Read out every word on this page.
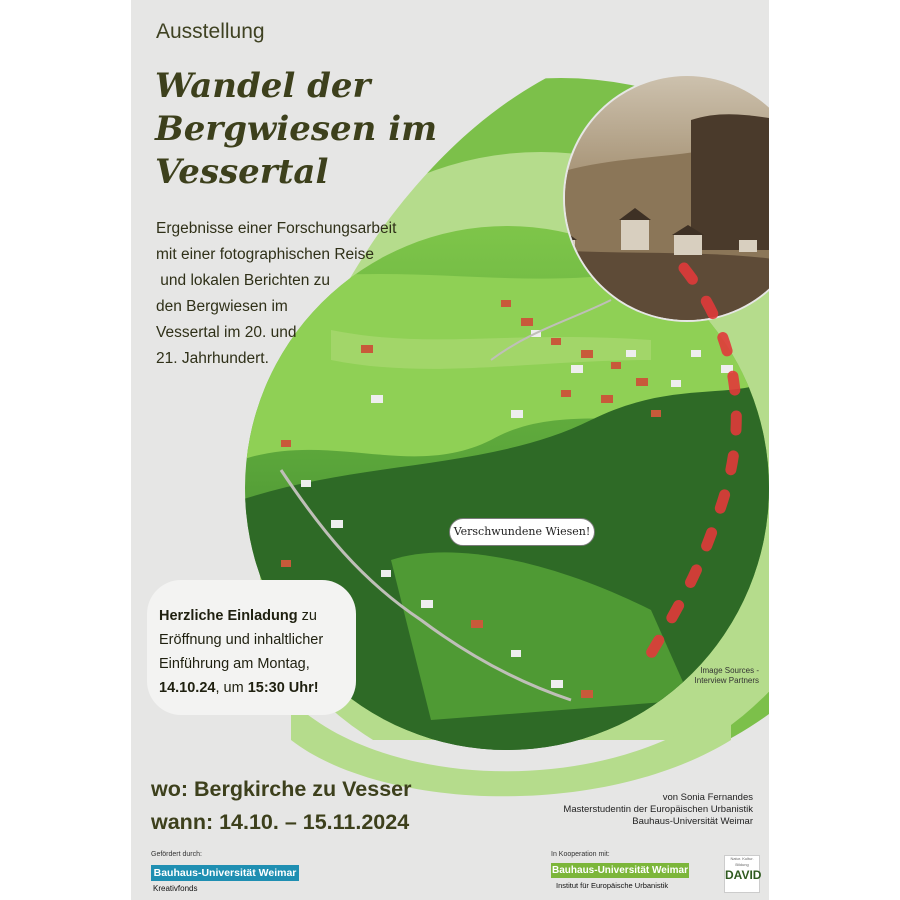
Ausstellung
Wandel der
Bergwiesen im
Vessertal
Ergebnisse einer Forschungsarbeit
mit einer fotographischen Reise
und lokalen Berichten zu
den Bergwiesen im
Vessertal im 20. und
21. Jahrhundert.
Verschwundene Wiesen!
Image Sources -
Interview Partners
Herzliche Einladung zu
Eröffnung und inhaltlicher
Einführung am Montag,
14.10.24, um 15:30 Uhr!
wo: Bergkirche zu Vesser
wann: 14.10. – 15.11.2024
von Sonia Fernandes
Masterstudentin der Europäischen Urbanistik
Bauhaus-Universität Weimar
Gefördert durch:
Bauhaus-Universität Weimar
Kreativfonds
In Kooperation mit:
Bauhaus-Universität Weimar
Institut für Europäische Urbanistik
Natur. Kultur. Bildung
DAVID
